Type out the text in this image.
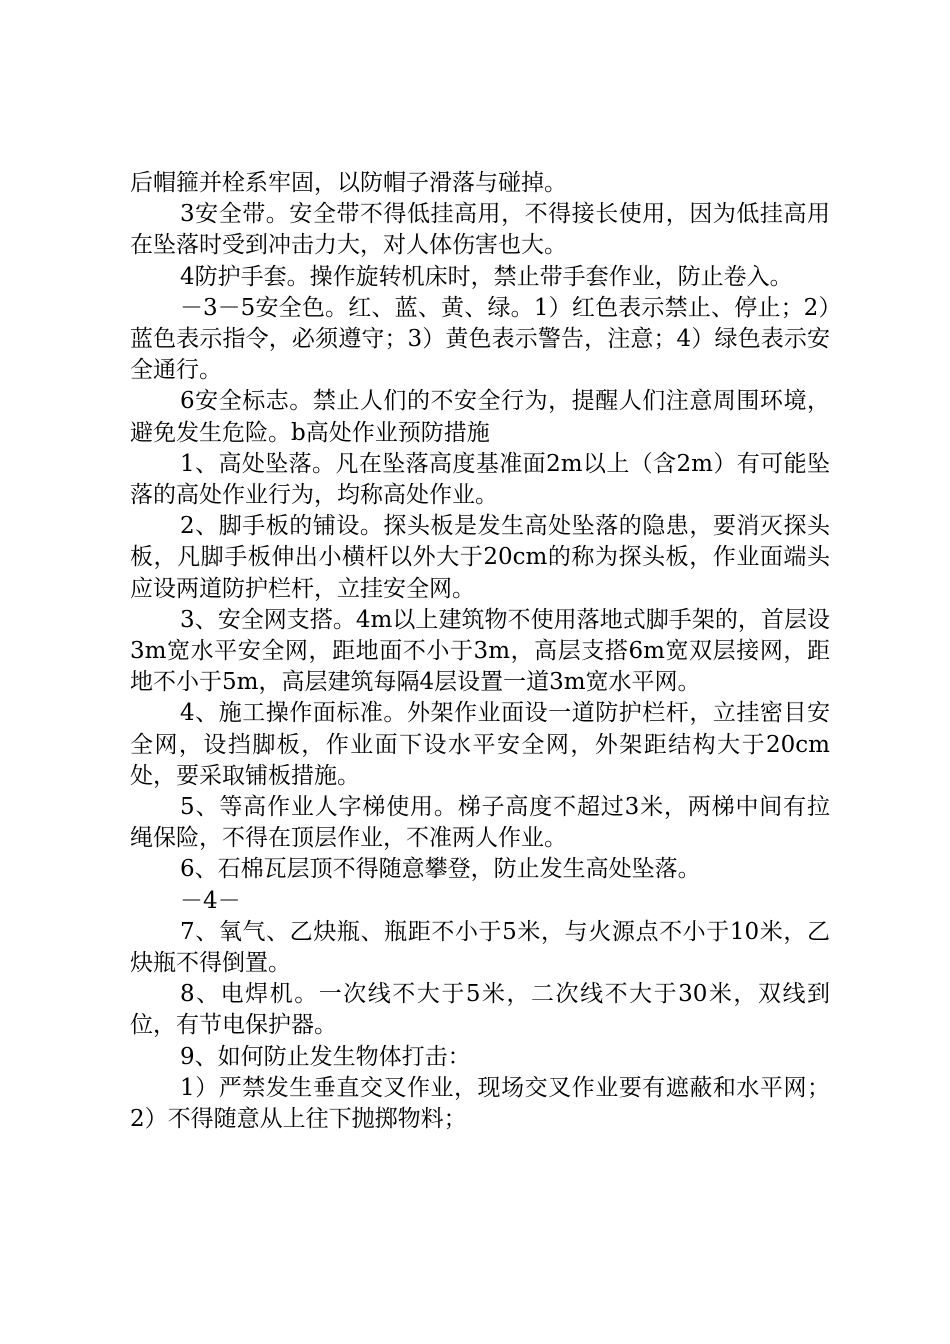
后帽箍并栓系牢固，以防帽子滑落与碰掉。

3安全带。安全带不得低挂高用，不得接长使用，因为低挂高用在坠落时受到冲击力大，对人体伤害也大。

4防护手套。操作旋转机床时，禁止带手套作业，防止卷入。

－3－5安全色。红、蓝、黄、绿。1）红色表示禁止、停止；2）蓝色表示指令，必须遵守；3）黄色表示警告，注意；4）绿色表示安全通行。

6安全标志。禁止人们的不安全行为，提醒人们注意周围环境，避免发生危险。b高处作业预防措施

1、高处坠落。凡在坠落高度基准面2m以上（含2m）有可能坠落的高处作业行为，均称高处作业。

2、脚手板的铺设。探头板是发生高处坠落的隐患，要消灭探头板，凡脚手板伸出小横杆以外大于20cm的称为探头板，作业面端头应设两道防护栏杆，立挂安全网。

3、安全网支搭。4m以上建筑物不使用落地式脚手架的，首层设3m宽水平安全网，距地面不小于3m，高层支搭6m宽双层接网，距地不小于5m，高层建筑每隔4层设置一道3m宽水平网。

4、施工操作面标准。外架作业面设一道防护栏杆，立挂密目安全网，设挡脚板，作业面下设水平安全网，外架距结构大于20cm处，要采取铺板措施。

5、等高作业人字梯使用。梯子高度不超过3米，两梯中间有拉绳保险，不得在顶层作业，不准两人作业。

6、石棉瓦层顶不得随意攀登，防止发生高处坠落。

－4－

7、氧气、乙炔瓶、瓶距不小于5米，与火源点不小于10米，乙炔瓶不得倒置。

8、电焊机。一次线不大于5米，二次线不大于30米，双线到位，有节电保护器。

9、如何防止发生物体打击：

1）严禁发生垂直交叉作业，现场交叉作业要有遮蔽和水平网；2）不得随意从上往下抛掷物料；
